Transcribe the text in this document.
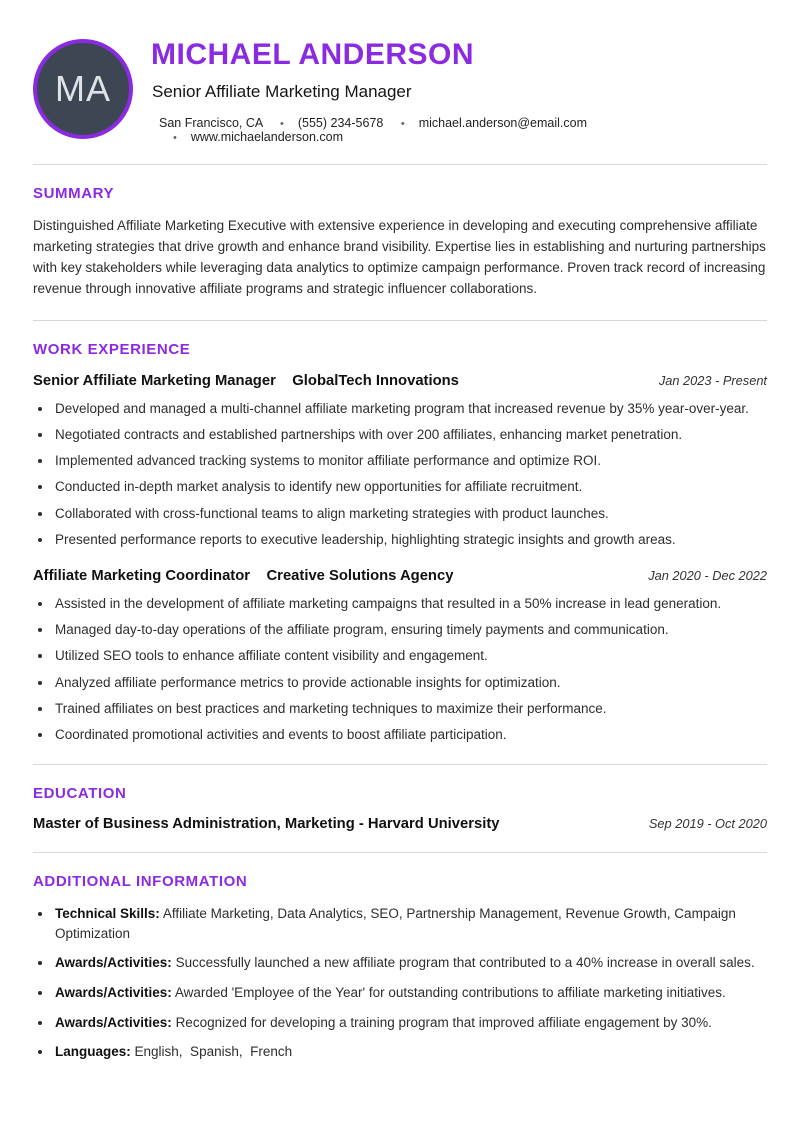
MA
MICHAEL ANDERSON
Senior Affiliate Marketing Manager
San Francisco, CA	• (555) 234-5678	• michael.anderson@email.com • www.michaelanderson.com
SUMMARY

Distinguished Affiliate Marketing Executive with extensive experience in developing and executing comprehensive affiliate marketing strategies that drive growth and enhance brand visibility. Expertise lies in establishing and nurturing partnerships with key stakeholders while leveraging data analytics to optimize campaign performance. Proven track record of increasing revenue through innovative affiliate programs and strategic influencer collaborations.

WORK EXPERIENCE
Senior Affiliate Marketing Manager GlobalTech Innovations	Jan 2023 - Present
• Developed and managed a multi-channel affiliate marketing program that increased revenue by 35% year-over-year.
• Negotiated contracts and established partnerships with over 200 affiliates, enhancing market penetration.
• Implemented advanced tracking systems to monitor affiliate performance and optimize ROI.
• Conducted in-depth market analysis to identify new opportunities for affiliate recruitment.
• Collaborated with cross-functional teams to align marketing strategies with product launches.
• Presented performance reports to executive leadership, highlighting strategic insights and growth areas.
Affiliate Marketing Coordinator Creative Solutions Agency	Jan 2020 - Dec 2022
• Assisted in the development of affiliate marketing campaigns that resulted in a 50% increase in lead generation.
• Managed day-to-day operations of the affiliate program, ensuring timely payments and communication.
• Utilized SEO tools to enhance affiliate content visibility and engagement.
• Analyzed affiliate performance metrics to provide actionable insights for optimization.
• Trained affiliates on best practices and marketing techniques to maximize their performance.
• Coordinated promotional activities and events to boost affiliate participation.
EDUCATION
Master of Business Administration, Marketing - Harvard University	Sep 2019 - Oct 2020
ADDITIONAL INFORMATION
• Technical Skills: Affiliate Marketing, Data Analytics, SEO, Partnership Management, Revenue Growth, Campaign Optimization
• Awards/Activities: Successfully launched a new affiliate program that contributed to a 40% increase in overall sales.
• Awards/Activities: Awarded 'Employee of the Year' for outstanding contributions to affiliate marketing initiatives.
• Awards/Activities: Recognized for developing a training program that improved affiliate engagement by 30%.
• Languages: English,  Spanish,  French
